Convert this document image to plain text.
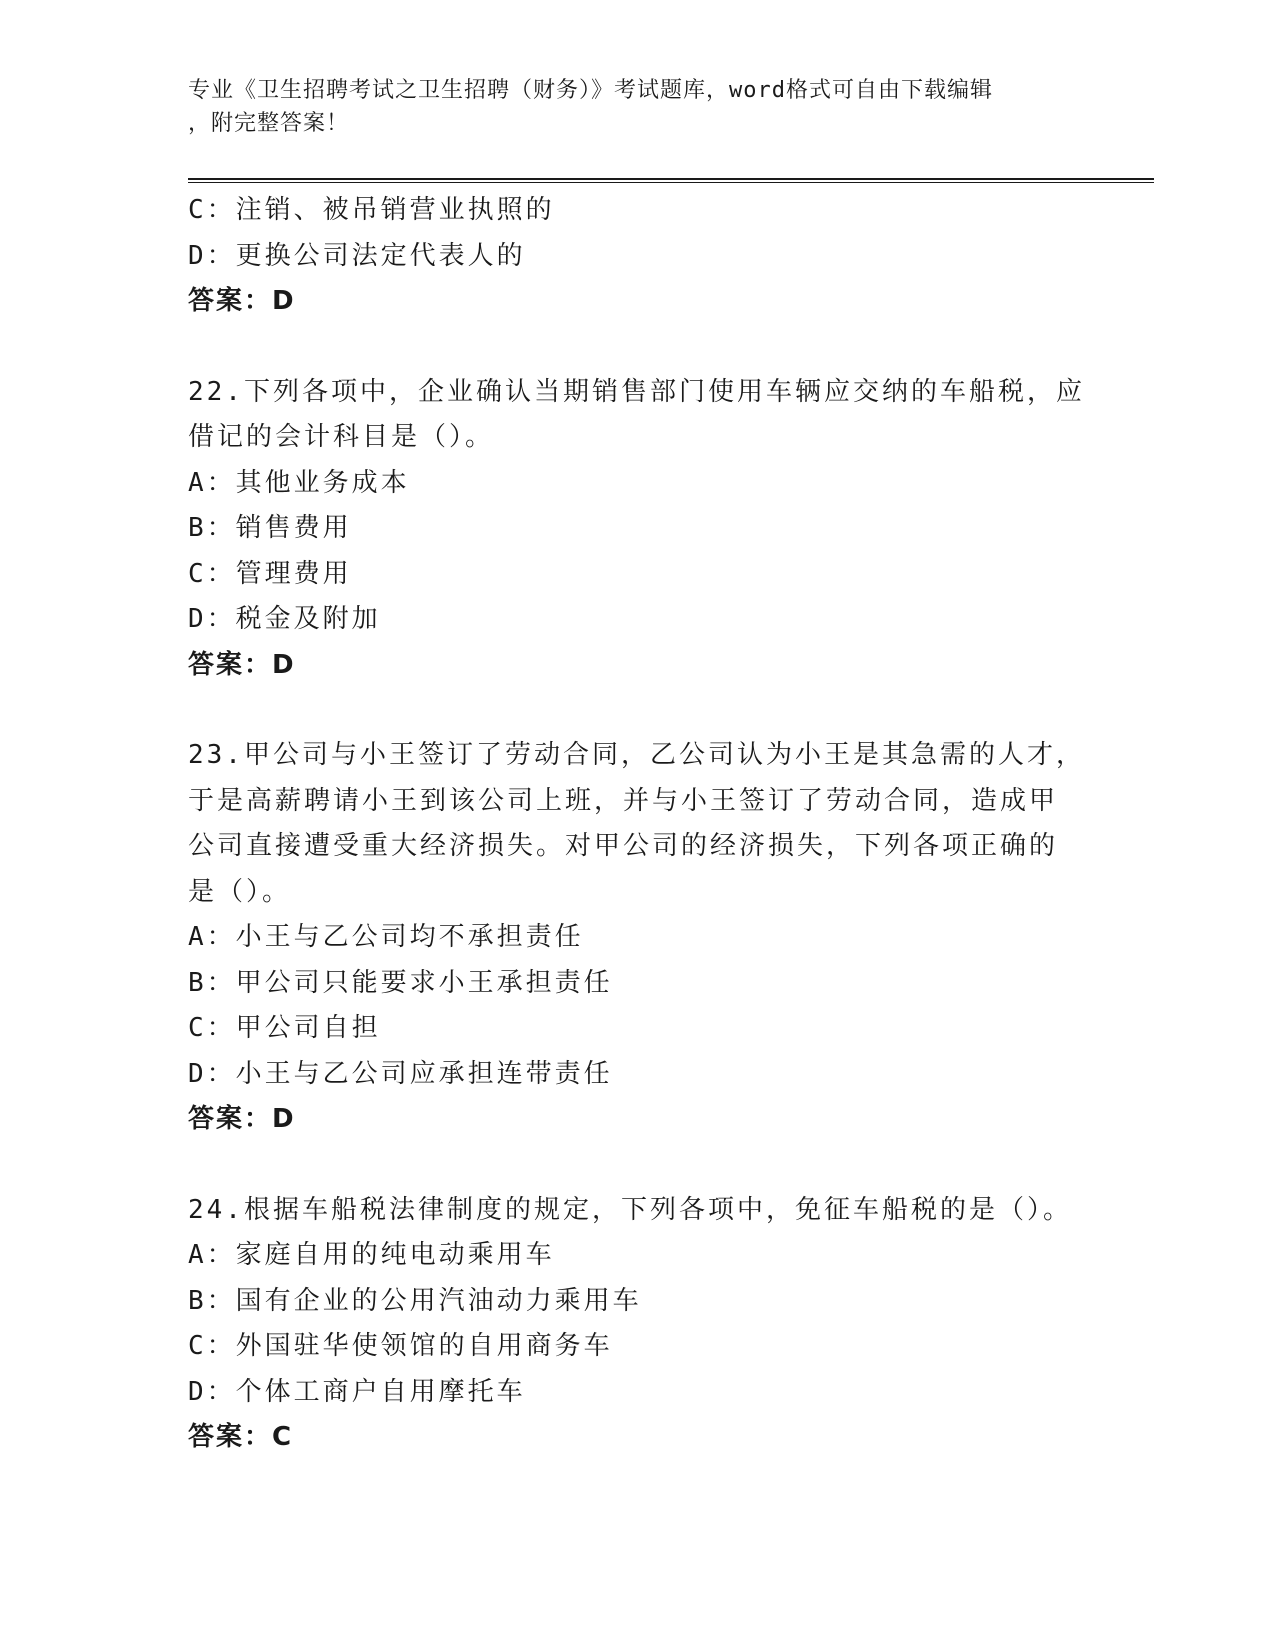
专业《卫生招聘考试之卫生招聘（财务）》考试题库，word格式可自由下载编辑
，附完整答案！
C：注销、被吊销营业执照的
D：更换公司法定代表人的
答案：D
22.下列各项中，企业确认当期销售部门使用车辆应交纳的车船税，应
借记的会计科目是（）。
A：其他业务成本
B：销售费用
C：管理费用
D：税金及附加
答案：D
23.甲公司与小王签订了劳动合同，乙公司认为小王是其急需的人才，
于是高薪聘请小王到该公司上班，并与小王签订了劳动合同，造成甲
公司直接遭受重大经济损失。对甲公司的经济损失，下列各项正确的
是（）。
A：小王与乙公司均不承担责任
B：甲公司只能要求小王承担责任
C：甲公司自担
D：小王与乙公司应承担连带责任
答案：D
24.根据车船税法律制度的规定，下列各项中，免征车船税的是（）。
A：家庭自用的纯电动乘用车
B：国有企业的公用汽油动力乘用车
C：外国驻华使领馆的自用商务车
D：个体工商户自用摩托车
答案：C
